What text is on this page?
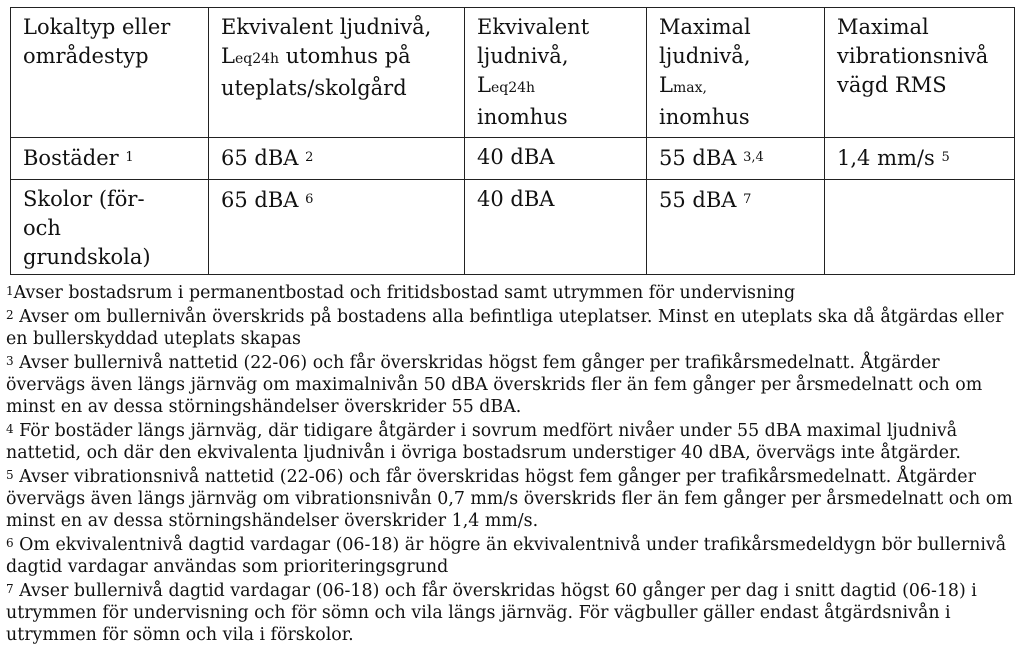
Lokaltyp eller
områdestyp	Ekvivalent ljudnivå,
Leq24h utomhus på
uteplats/skolgård	Ekvivalent
ljudnivå,
Leq24h
inomhus	Maximal
ljudnivå,
Lmax,
inomhus	Maximal
vibrationsnivå
vägd RMS
Bostäder $^1$	65 dBA $^2$	40 dBA	55 dBA $^{3,4}$	1,4 mm/s $^5$
Skolor (för-
och
grundskola)	65 dBA $^6$	40 dBA	55 dBA $^7$	

1Avser bostadsrum i permanentbostad och fritidsbostad samt utrymmen för undervisning

2 Avser om bullernivån överskrids på bostadens alla befintliga uteplatser. Minst en uteplats ska då åtgärdas eller en bullerskyddad uteplats skapas

3 Avser bullernivå nattetid (22-06) och får överskridas högst fem gånger per trafikårsmedelnatt. Åtgärder övervägs även längs järnväg om maximalnivån 50 dBA överskrids fler än fem gånger per årsmedelnatt och om minst en av dessa störningshändelser överskrider 55 dBA.

4 För bostäder längs järnväg, där tidigare åtgärder i sovrum medfört nivåer under 55 dBA maximal ljudnivå nattetid, och där den ekvivalenta ljudnivån i övriga bostadsrum understiger 40 dBA, övervägs inte åtgärder.

5 Avser vibrationsnivå nattetid (22-06) och får överskridas högst fem gånger per trafikårsmedelnatt. Åtgärder övervägs även längs järnväg om vibrationsnivån 0,7 mm/s överskrids fler än fem gånger per årsmedelnatt och om minst en av dessa störningshändelser överskrider 1,4 mm/s.

6 Om ekvivalentnivå dagtid vardagar (06-18) är högre än ekvivalentnivå under trafikårsmedeldygn bör bullernivå dagtid vardagar användas som prioriteringsgrund

7 Avser bullernivå dagtid vardagar (06-18) och får överskridas högst 60 gånger per dag i snitt dagtid (06-18) i utrymmen för undervisning och för sömn och vila längs järnväg. För vägbuller gäller endast åtgärdsnivån i utrymmen för sömn och vila i förskolor.
